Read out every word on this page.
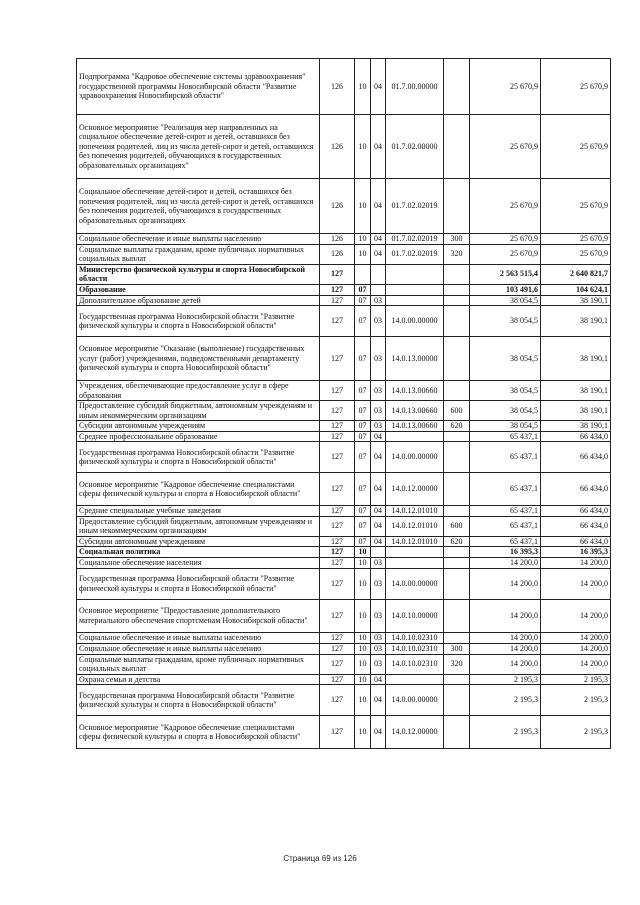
Подпрограмма "Кадровое обеспечение системы здравоохранения" государственной программы Новосибирской области "Развитие здравоохранения Новосибирской области"	126	10	04	01.7.00.00000		25 670,9	25 670,9
Основное мероприятие "Реализация мер направленных на социальное обеспечение детей-сирот и детей, оставшихся без попечения родителей, лиц из числа детей-сирот и детей, оставшихся без попечения родителей, обучающихся в государственных образовательных организациях"	126	10	04	01.7.02.00000		25 670,9	25 670,9
Социальное обеспечение детей-сирот и детей, оставшихся без попечения родителей, лиц из числа детей-сирот и детей, оставшихся без попечения родителей, обучающихся в государственных образовательных организациях	126	10	04	01.7.02.02019		25 670,9	25 670,9
Социальное обеспечение и иные выплаты населению	126	10	04	01.7.02.02019	300	25 670,9	25 670,9
Социальные выплаты гражданам, кроме публичных нормативных социальных выплат	126	10	04	01.7.02.02019	320	25 670,9	25 670,9
Министерство физической культуры и спорта Новосибирской области	127					2 563 515,4	2 640 821,7
Образование	127	07				103 491,6	104 624,1
Дополнительное образование детей	127	07	03			38 054,5	38 190,1
Государственная программа Новосибирской области "Развитие физической культуры и спорта в Новосибирской области"	127	07	03	14.0.00.00000		38 054,5	38 190,1
Основное мероприятие "Оказание (выполнение) государственных услуг (работ) учреждениями, подведомственными департаменту физической культуры и спорта Новосибирской области"	127	07	03	14.0.13.00000		38 054,5	38 190,1
Учреждения, обеспечивающие предоставление услуг в сфере образования	127	07	03	14.0.13.00660		38 054,5	38 190,1
Предоставление субсидий бюджетным, автономным учреждениям и иным некоммерческим организациям	127	07	03	14.0.13.00660	600	38 054,5	38 190,1
Субсидии автономным учреждениям	127	07	03	14.0.13.00660	620	38 054,5	38 190,1
Среднее профессиональное образование	127	07	04			65 437,1	66 434,0
Государственная программа Новосибирской области "Развитие физической культуры и спорта в Новосибирской области"	127	07	04	14.0.00.00000		65 437,1	66 434,0
Основное мероприятие "Кадровое обеспечение специалистами сферы физической культуры и спорта в Новосибирской области"	127	07	04	14.0.12.00000		65 437,1	66 434,0
Средние специальные учебные заведения	127	07	04	14.0.12.01010		65 437,1	66 434,0
Предоставление субсидий бюджетным, автономным учреждениям и иным некоммерческим организациям	127	07	04	14.0.12.01010	600	65 437,1	66 434,0
Субсидии автономным учреждениям	127	07	04	14.0.12.01010	620	65 437,1	66 434,0
Социальная политика	127	10				16 395,3	16 395,3
Социальное обеспечение населения	127	10	03			14 200,0	14 200,0
Государственная программа Новосибирской области "Развитие физической культуры и спорта в Новосибирской области"	127	10	03	14.0.00.00000		14 200,0	14 200,0
Основное мероприятие "Предоставление дополнительного материального обеспечения спортсменам Новосибирской области"	127	10	03	14.0.10.00000		14 200,0	14 200,0
Социальное обеспечение и иные выплаты населению	127	10	03	14.0.10.02310		14 200,0	14 200,0
Социальное обеспечение и иные выплаты населению	127	10	03	14.0.10.02310	300	14 200,0	14 200,0
Социальные выплаты гражданам, кроме публичных нормативных социальных выплат	127	10	03	14.0.10.02310	320	14 200,0	14 200,0
Охрана семьи и детства	127	10	04			2 195,3	2 195,3
Государственная программа Новосибирской области "Развитие физической культуры и спорта в Новосибирской области"	127	10	04	14.0.00.00000		2 195,3	2 195,3
Основное мероприятие "Кадровое обеспечение специалистами сферы физической культуры и спорта в Новосибирской области"	127	10	04	14.0.12.00000		2 195,3	2 195,3
Страница 69 из 126
